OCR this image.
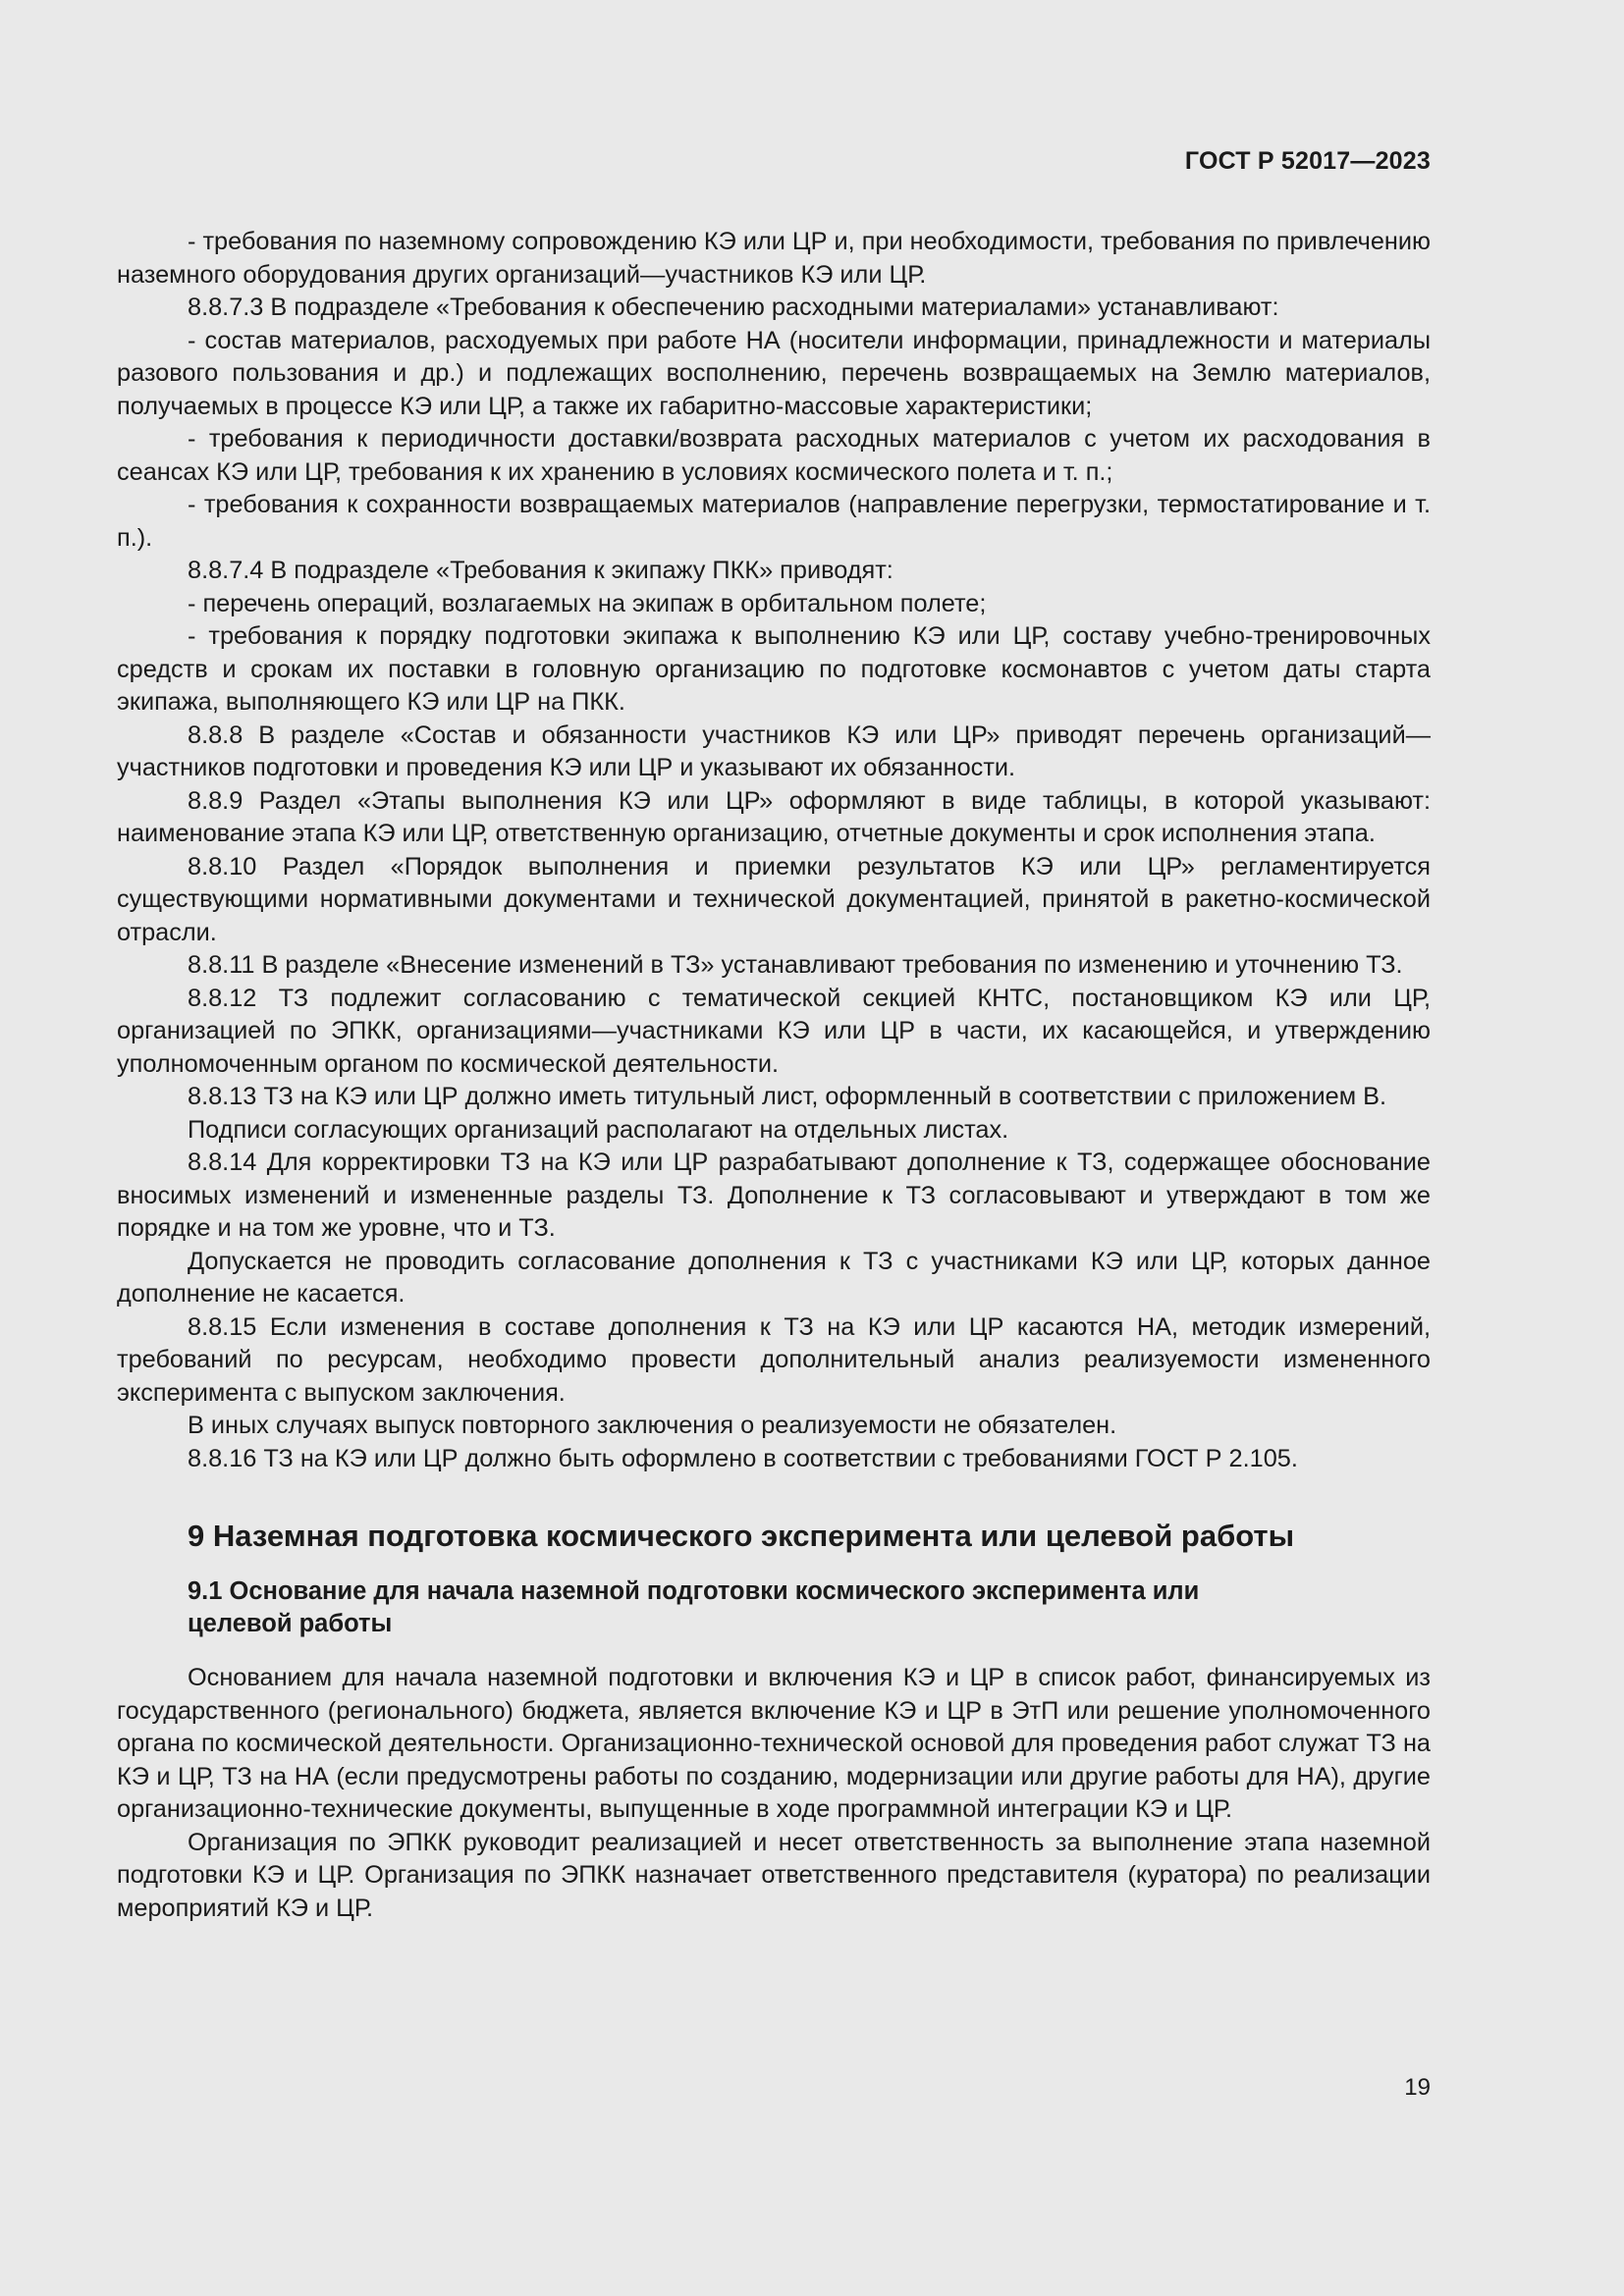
ГОСТ Р 52017—2023

- требования по наземному сопровождению КЭ или ЦР и, при необходимости, требования по привлечению наземного оборудования других организаций—участников КЭ или ЦР.

8.8.7.3 В подразделе «Требования к обеспечению расходными материалами» устанавливают:

- состав материалов, расходуемых при работе НА (носители информации, принадлежности и материалы разового пользования и др.) и подлежащих восполнению, перечень возвращаемых на Землю материалов, получаемых в процессе КЭ или ЦР, а также их габаритно-массовые характеристики;

- требования к периодичности доставки/возврата расходных материалов с учетом их расходования в сеансах КЭ или ЦР, требования к их хранению в условиях космического полета и т. п.;

- требования к сохранности возвращаемых материалов (направление перегрузки, термостатирование и т. п.).

8.8.7.4 В подразделе «Требования к экипажу ПКК» приводят:

- перечень операций, возлагаемых на экипаж в орбитальном полете;

- требования к порядку подготовки экипажа к выполнению КЭ или ЦР, составу учебно-тренировочных средств и срокам их поставки в головную организацию по подготовке космонавтов с учетом даты старта экипажа, выполняющего КЭ или ЦР на ПКК.

8.8.8 В разделе «Состав и обязанности участников КЭ или ЦР» приводят перечень организаций—участников подготовки и проведения КЭ или ЦР и указывают их обязанности.

8.8.9 Раздел «Этапы выполнения КЭ или ЦР» оформляют в виде таблицы, в которой указывают: наименование этапа КЭ или ЦР, ответственную организацию, отчетные документы и срок исполнения этапа.

8.8.10 Раздел «Порядок выполнения и приемки результатов КЭ или ЦР» регламентируется существующими нормативными документами и технической документацией, принятой в ракетно-космической отрасли.

8.8.11 В разделе «Внесение изменений в ТЗ» устанавливают требования по изменению и уточнению ТЗ.

8.8.12 ТЗ подлежит согласованию с тематической секцией КНТС, постановщиком КЭ или ЦР, организацией по ЭПКК, организациями—участниками КЭ или ЦР в части, их касающейся, и утверждению уполномоченным органом по космической деятельности.

8.8.13 ТЗ на КЭ или ЦР должно иметь титульный лист, оформленный в соответствии с приложением В.

Подписи согласующих организаций располагают на отдельных листах.

8.8.14 Для корректировки ТЗ на КЭ или ЦР разрабатывают дополнение к ТЗ, содержащее обоснование вносимых изменений и измененные разделы ТЗ. Дополнение к ТЗ согласовывают и утверждают в том же порядке и на том же уровне, что и ТЗ.

Допускается не проводить согласование дополнения к ТЗ с участниками КЭ или ЦР, которых данное дополнение не касается.

8.8.15 Если изменения в составе дополнения к ТЗ на КЭ или ЦР касаются НА, методик измерений, требований по ресурсам, необходимо провести дополнительный анализ реализуемости измененного эксперимента с выпуском заключения.

В иных случаях выпуск повторного заключения о реализуемости не обязателен.

8.8.16 ТЗ на КЭ или ЦР должно быть оформлено в соответствии с требованиями ГОСТ Р 2.105.

9 Наземная подготовка космического эксперимента или целевой работы
9.1 Основание для начала наземной подготовки космического эксперимента или целевой работы

Основанием для начала наземной подготовки и включения КЭ и ЦР в список работ, финансируемых из государственного (регионального) бюджета, является включение КЭ и ЦР в ЭтП или решение уполномоченного органа по космической деятельности. Организационно-технической основой для проведения работ служат ТЗ на КЭ и ЦР, ТЗ на НА (если предусмотрены работы по созданию, модернизации или другие работы для НА), другие организационно-технические документы, выпущенные в ходе программной интеграции КЭ и ЦР.

Организация по ЭПКК руководит реализацией и несет ответственность за выполнение этапа наземной подготовки КЭ и ЦР. Организация по ЭПКК назначает ответственного представителя (куратора) по реализации мероприятий КЭ и ЦР.

19
